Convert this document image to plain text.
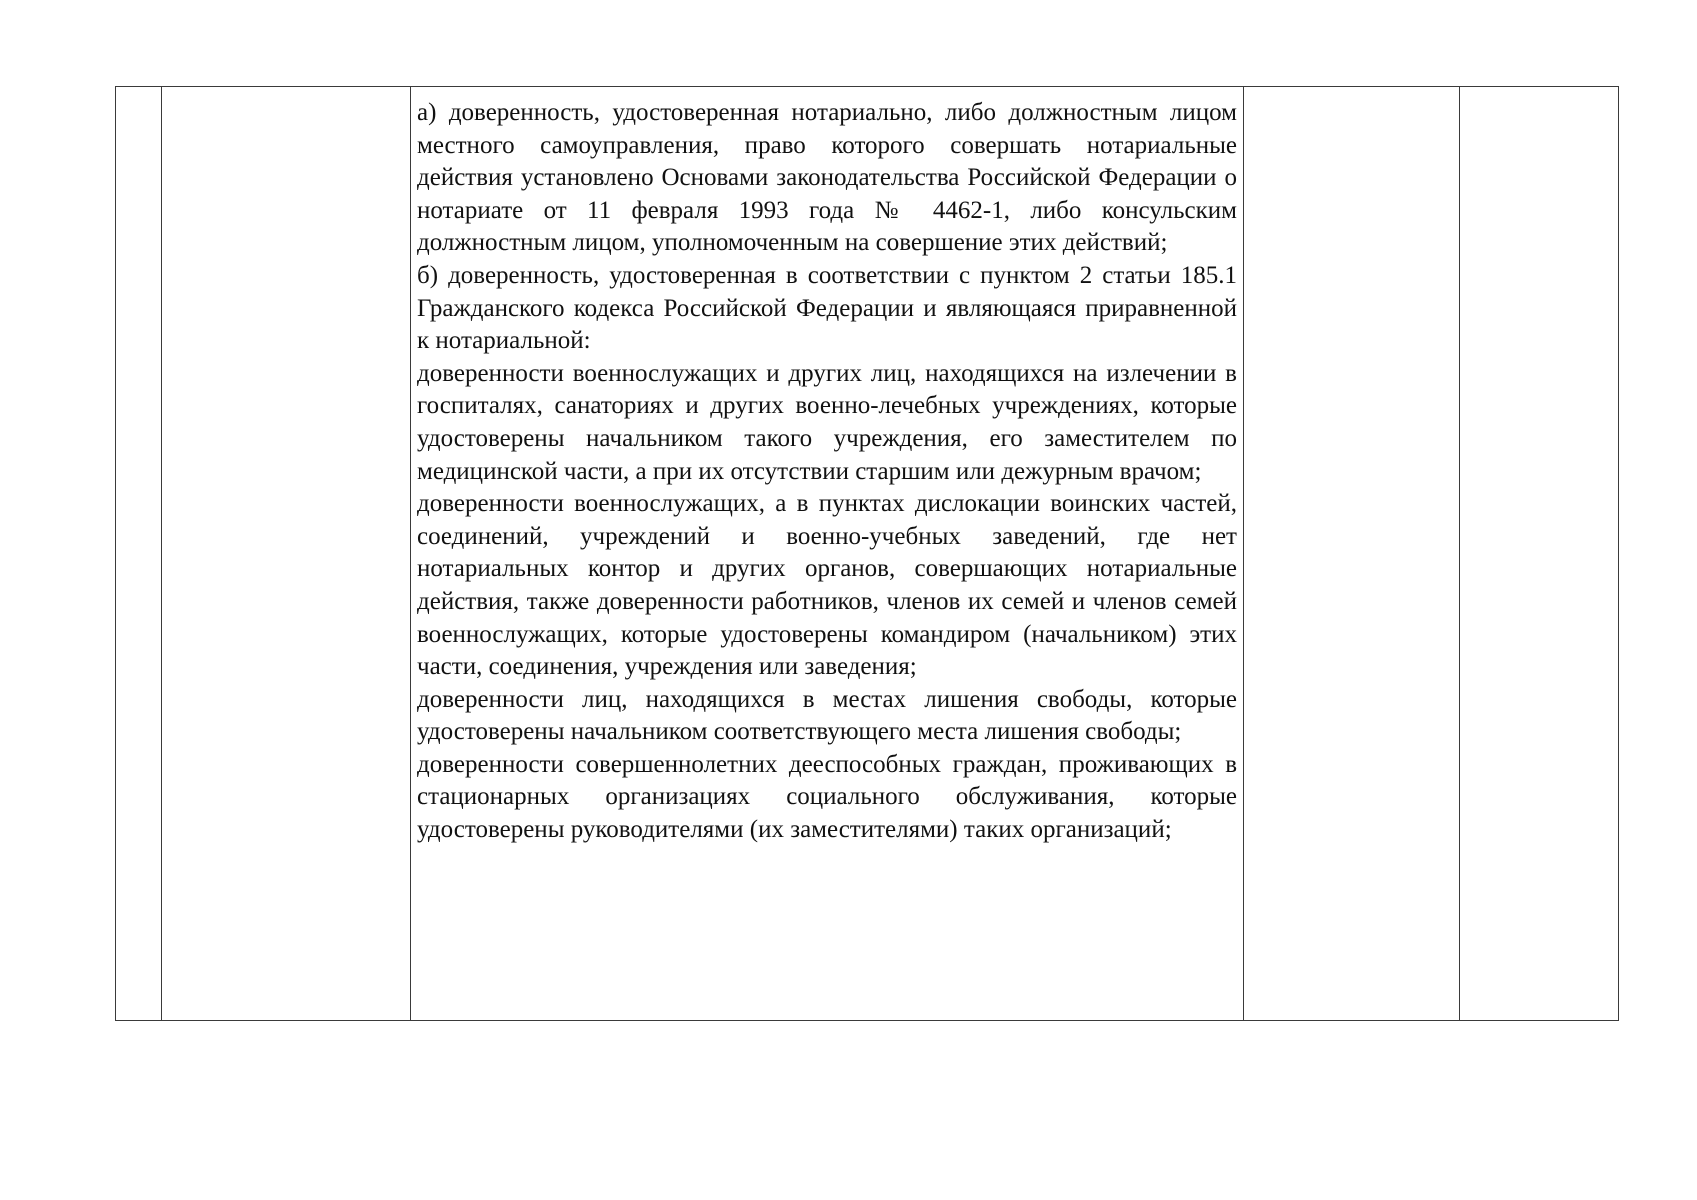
а) доверенность, удостоверенная нотариально, либо должностным лицом местного самоуправления, право которого совершать нотариальные действия установлено Основами законодательства Российской Федерации о нотариате от 11 февраля 1993 года № 4462-1, либо консульским должностным лицом, уполномоченным на совершение этих действий;

б) доверенность, удостоверенная в соответствии с пунктом 2 статьи 185.1 Гражданского кодекса Российской Федерации и являющаяся приравненной к нотариальной:

доверенности военнослужащих и других лиц, находящихся на излечении в госпиталях, санаториях и других военно-лечебных учреждениях, которые удостоверены начальником такого учреждения, его заместителем по медицинской части, а при их отсутствии старшим или дежурным врачом;

доверенности военнослужащих, а в пунктах дислокации воинских частей, соединений, учреждений и военно-учебных заведений, где нет нотариальных контор и других органов, совершающих нотариальные действия, также доверенности работников, членов их семей и членов семей военнослужащих, которые удостоверены командиром (начальником) этих части, соединения, учреждения или заведения;

доверенности лиц, находящихся в местах лишения свободы, которые удостоверены начальником соответствующего места лишения свободы;

доверенности совершеннолетних дееспособных граждан, проживающих в стационарных организациях социального обслуживания, которые удостоверены руководителями (их заместителями) таких организаций;
